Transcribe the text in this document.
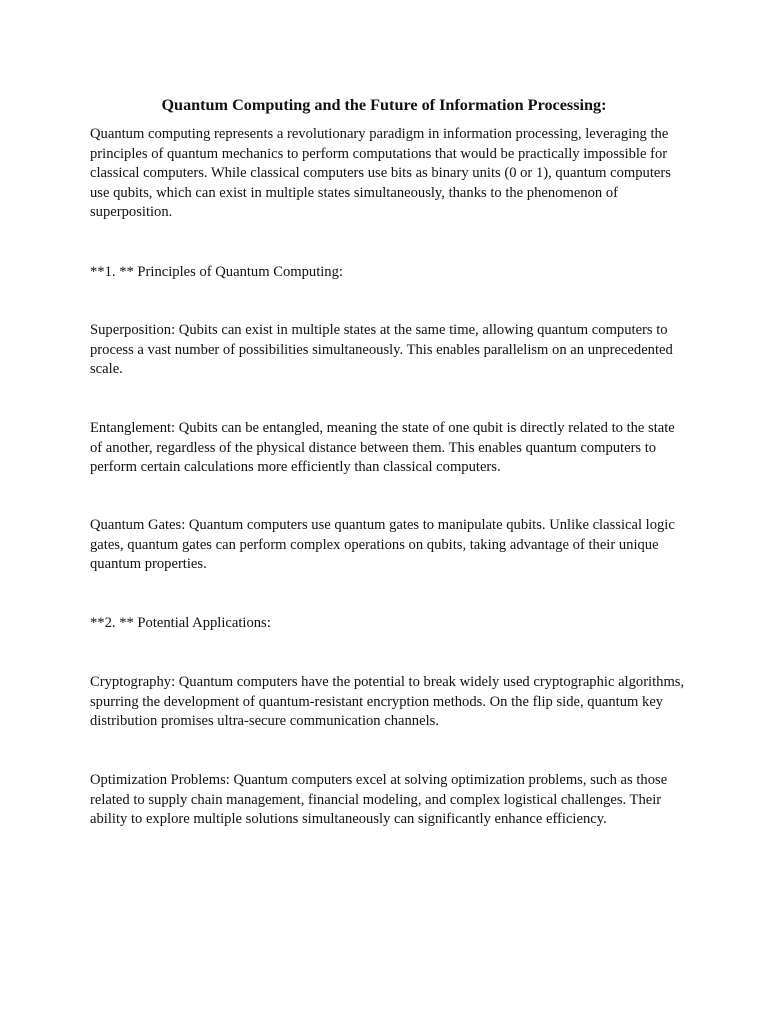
Quantum Computing and the Future of Information Processing:

Quantum computing represents a revolutionary paradigm in information processing, leveraging the principles of quantum mechanics to perform computations that would be practically impossible for classical computers. While classical computers use bits as binary units (0 or 1), quantum computers use qubits, which can exist in multiple states simultaneously, thanks to the phenomenon of superposition.

**1. ** Principles of Quantum Computing:

Superposition: Qubits can exist in multiple states at the same time, allowing quantum computers to process a vast number of possibilities simultaneously. This enables parallelism on an unprecedented scale.

Entanglement: Qubits can be entangled, meaning the state of one qubit is directly related to the state of another, regardless of the physical distance between them. This enables quantum computers to perform certain calculations more efficiently than classical computers.

Quantum Gates: Quantum computers use quantum gates to manipulate qubits. Unlike classical logic gates, quantum gates can perform complex operations on qubits, taking advantage of their unique quantum properties.

**2. ** Potential Applications:

Cryptography: Quantum computers have the potential to break widely used cryptographic algorithms, spurring the development of quantum-resistant encryption methods. On the flip side, quantum key distribution promises ultra-secure communication channels.

Optimization Problems: Quantum computers excel at solving optimization problems, such as those related to supply chain management, financial modeling, and complex logistical challenges. Their ability to explore multiple solutions simultaneously can significantly enhance efficiency.
